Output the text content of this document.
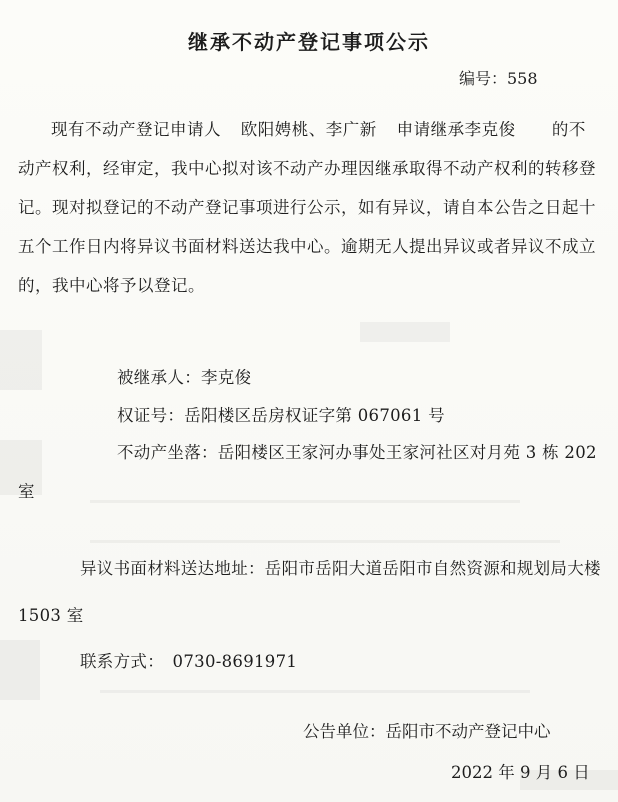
继承不动产登记事项公示
编号：558

现有不动产登记申请人 欧阳娉桃、李广新 申请继承李克俊 的不动产权利，经审定，我中心拟对该不动产办理因继承取得不动产权利的转移登记。现对拟登记的不动产登记事项进行公示，如有异议，请自本公告之日起十五个工作日内将异议书面材料送达我中心。逾期无人提出异议或者异议不成立的，我中心将予以登记。

被继承人：李克俊
权证号：岳阳楼区岳房权证字第 067061 号
不动产坐落：岳阳楼区王家河办事处王家河社区对月苑 3 栋 202 室
异议书面材料送达地址：岳阳市岳阳大道岳阳市自然资源和规划局大楼 1503 室
联系方式：　0730-8691971
公告单位：岳阳市不动产登记中心
2022 年 9 月 6 日
